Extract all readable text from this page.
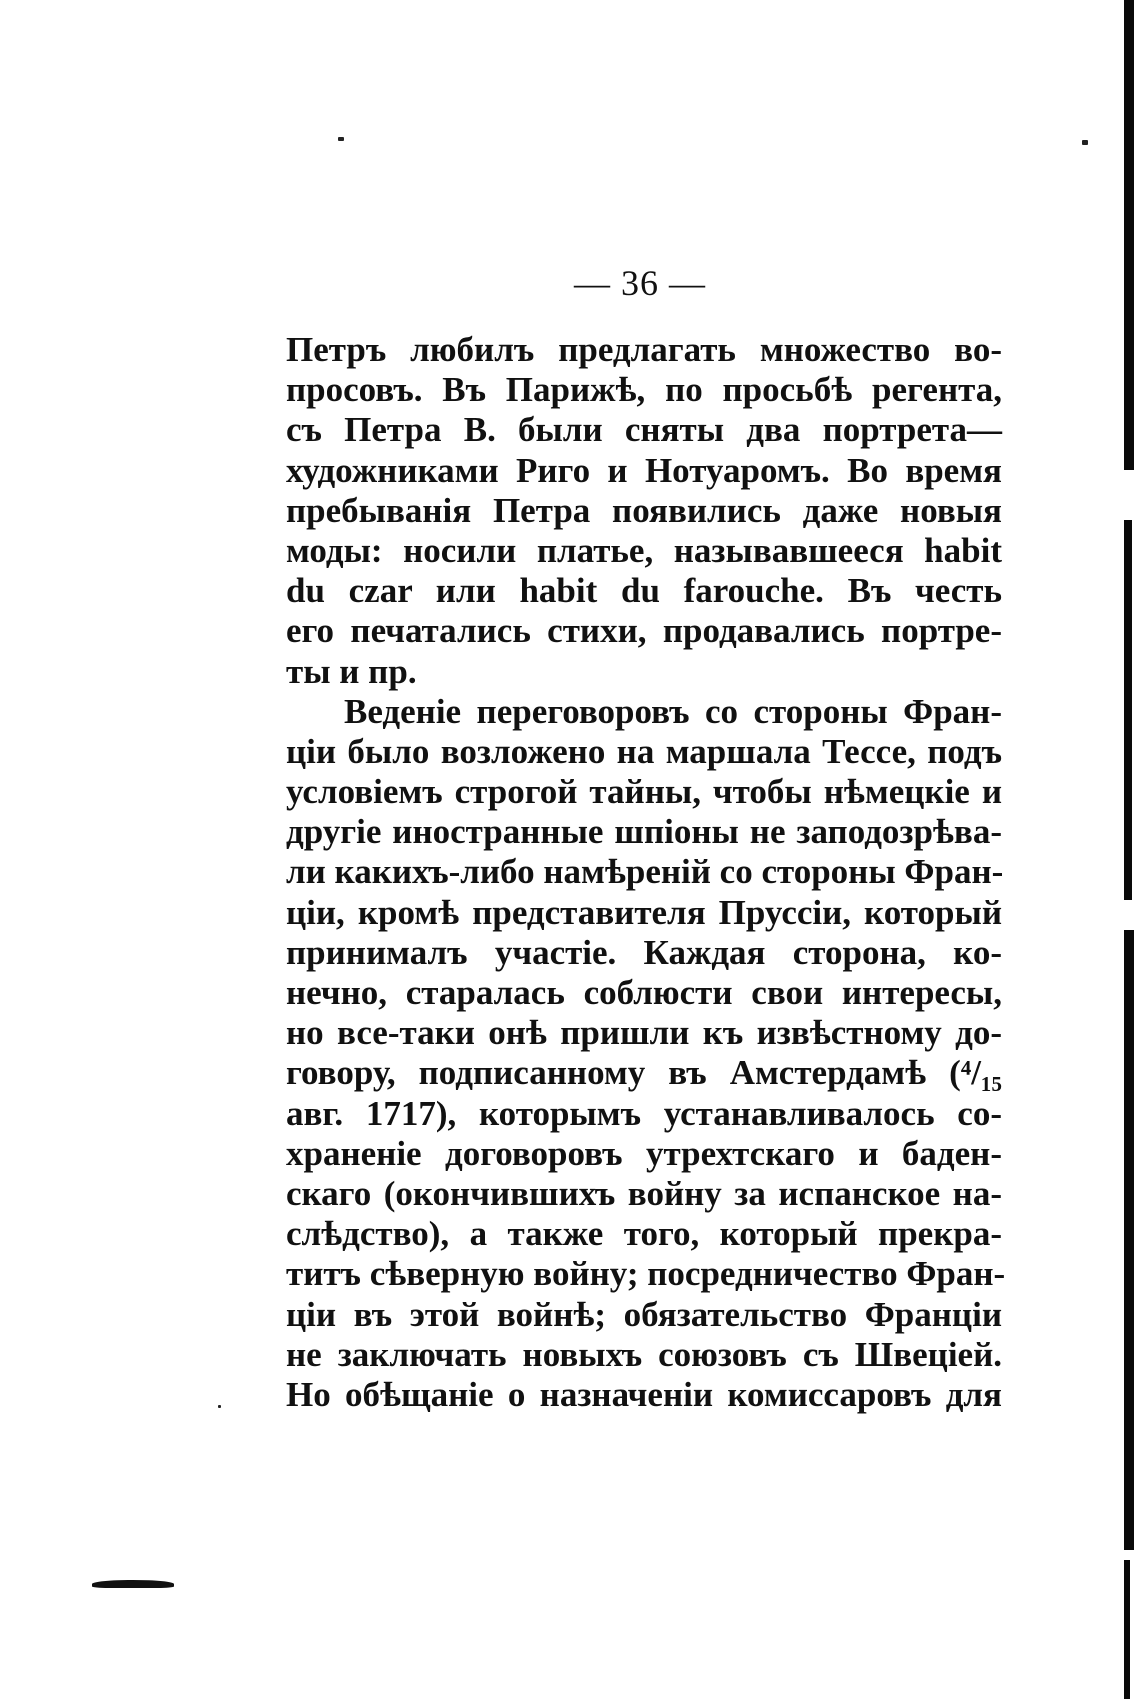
— 36 —
Петръ любилъ предлагать множество во-
просовъ. Въ Парижѣ, по просьбѣ регента,
съ Петра В. были сняты два портрета—
художниками Риго и Нотуаромъ. Во время
пребыванія Петра появились даже новыя
моды: носили платье, называвшееся habit
du czar или habit du farouche. Въ честь
его печатались стихи, продавались портре-
ты и пр.
Веденіе переговоровъ со стороны Фран-
ціи было возложено на маршала Тессе, подъ
условіемъ строгой тайны, чтобы нѣмецкіе и
другіе иностранные шпіоны не заподозрѣва-
ли какихъ-либо намѣреній со стороны Фран-
ціи, кромѣ представителя Пруссіи, который
принималъ участіе. Каждая сторона, ко-
нечно, старалась соблюсти свои интересы,
но все-таки онѣ пришли къ извѣстному до-
говору, подписанному въ Амстердамѣ (⁴/₁₅
авг. 1717), которымъ устанавливалось со-
храненіе договоровъ утрехтскаго и баден-
скаго (окончившихъ войну за испанское на-
слѣдство), а также того, который прекра-
титъ сѣверную войну; посредничество Фран-
ціи въ этой войнѣ; обязательство Франціи
не заключать новыхъ союзовъ съ Швеціей.
Но обѣщаніе о назначеніи комиссаровъ для
